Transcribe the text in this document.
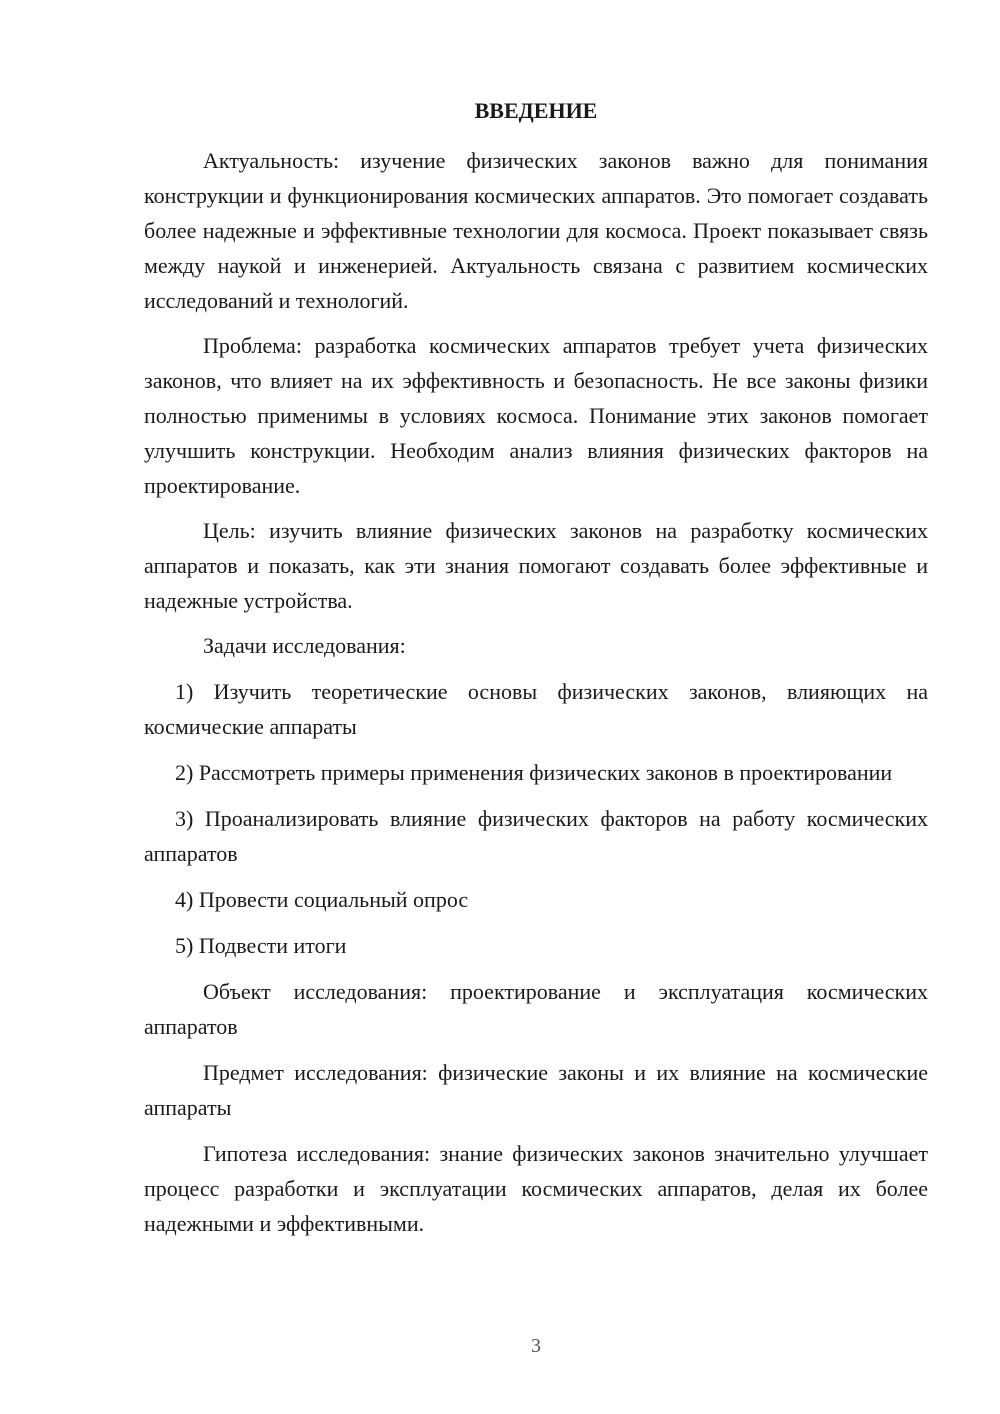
ВВЕДЕНИЕ

Актуальность: изучение физических законов важно для понимания конструкции и функционирования космических аппаратов. Это помогает создавать более надежные и эффективные технологии для космоса. Проект показывает связь между наукой и инженерией. Актуальность связана с развитием космических исследований и технологий.

Проблема: разработка космических аппаратов требует учета физических законов, что влияет на их эффективность и безопасность. Не все законы физики полностью применимы в условиях космоса. Понимание этих законов помогает улучшить конструкции. Необходим анализ влияния физических факторов на проектирование.

Цель: изучить влияние физических законов на разработку космических аппаратов и показать, как эти знания помогают создавать более эффективные и надежные устройства.

Задачи исследования:

1) Изучить теоретические основы физических законов, влияющих на космические аппараты

2) Рассмотреть примеры применения физических законов в проектировании

3) Проанализировать влияние физических факторов на работу космических аппаратов

4) Провести социальный опрос

5) Подвести итоги

Объект исследования: проектирование и эксплуатация космических аппаратов

Предмет исследования: физические законы и их влияние на космические аппараты

Гипотеза исследования: знание физических законов значительно улучшает процесс разработки и эксплуатации космических аппаратов, делая их более надежными и эффективными.

3
